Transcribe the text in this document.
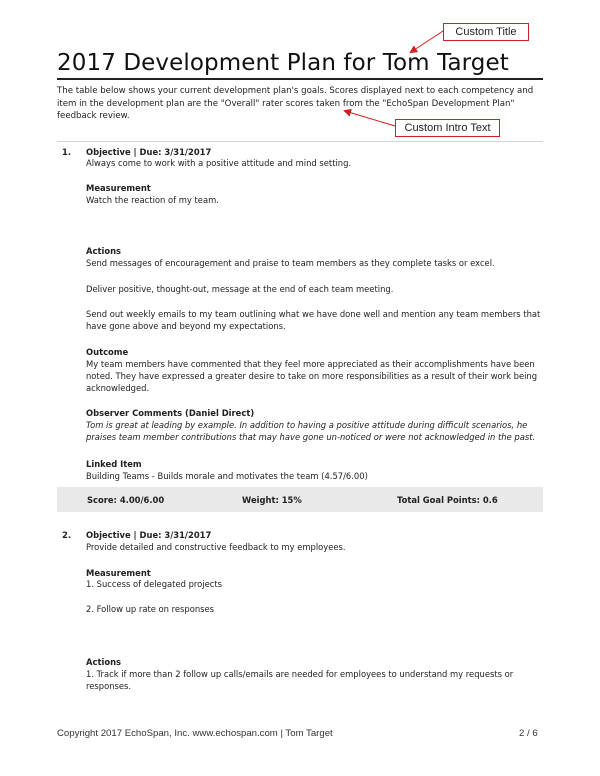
2017 Development Plan for Tom Target
The table below shows your current development plan's goals. Scores displayed next to each competency and item in the development plan are the "Overall" rater scores taken from the "EchoSpan Development Plan" feedback review.
Custom Title
Custom Intro Text
1. Objective | Due: 3/31/2017
Always come to work with a positive attitude and mind setting.
Measurement
Watch the reaction of my team.
Actions
Send messages of encouragement and praise to team members as they complete tasks or excel.
Deliver positive, thought-out, message at the end of each team meeting.
Send out weekly emails to my team outlining what we have done well and mention any team members that have gone above and beyond my expectations.
Outcome
My team members have commented that they feel more appreciated as their accomplishments have been noted. They have expressed a greater desire to take on more responsibilities as a result of their work being acknowledged.
Observer Comments (Daniel Direct)
Tom is great at leading by example. In addition to having a positive attitude during difficult scenarios, he praises team member contributions that may have gone un-noticed or were not acknowledged in the past.
Linked Item
Building Teams - Builds morale and motivates the team (4.57/6.00)
Score: 4.00/6.00	Weight: 15%	Total Goal Points: 0.6
2. Objective | Due: 3/31/2017
Provide detailed and constructive feedback to my employees.
Measurement
1. Success of delegated projects
2. Follow up rate on responses
Actions
1. Track if more than 2 follow up calls/emails are needed for employees to understand my requests or responses.
Copyright 2017 EchoSpan, Inc. www.echospan.com | Tom Target	2 / 6
